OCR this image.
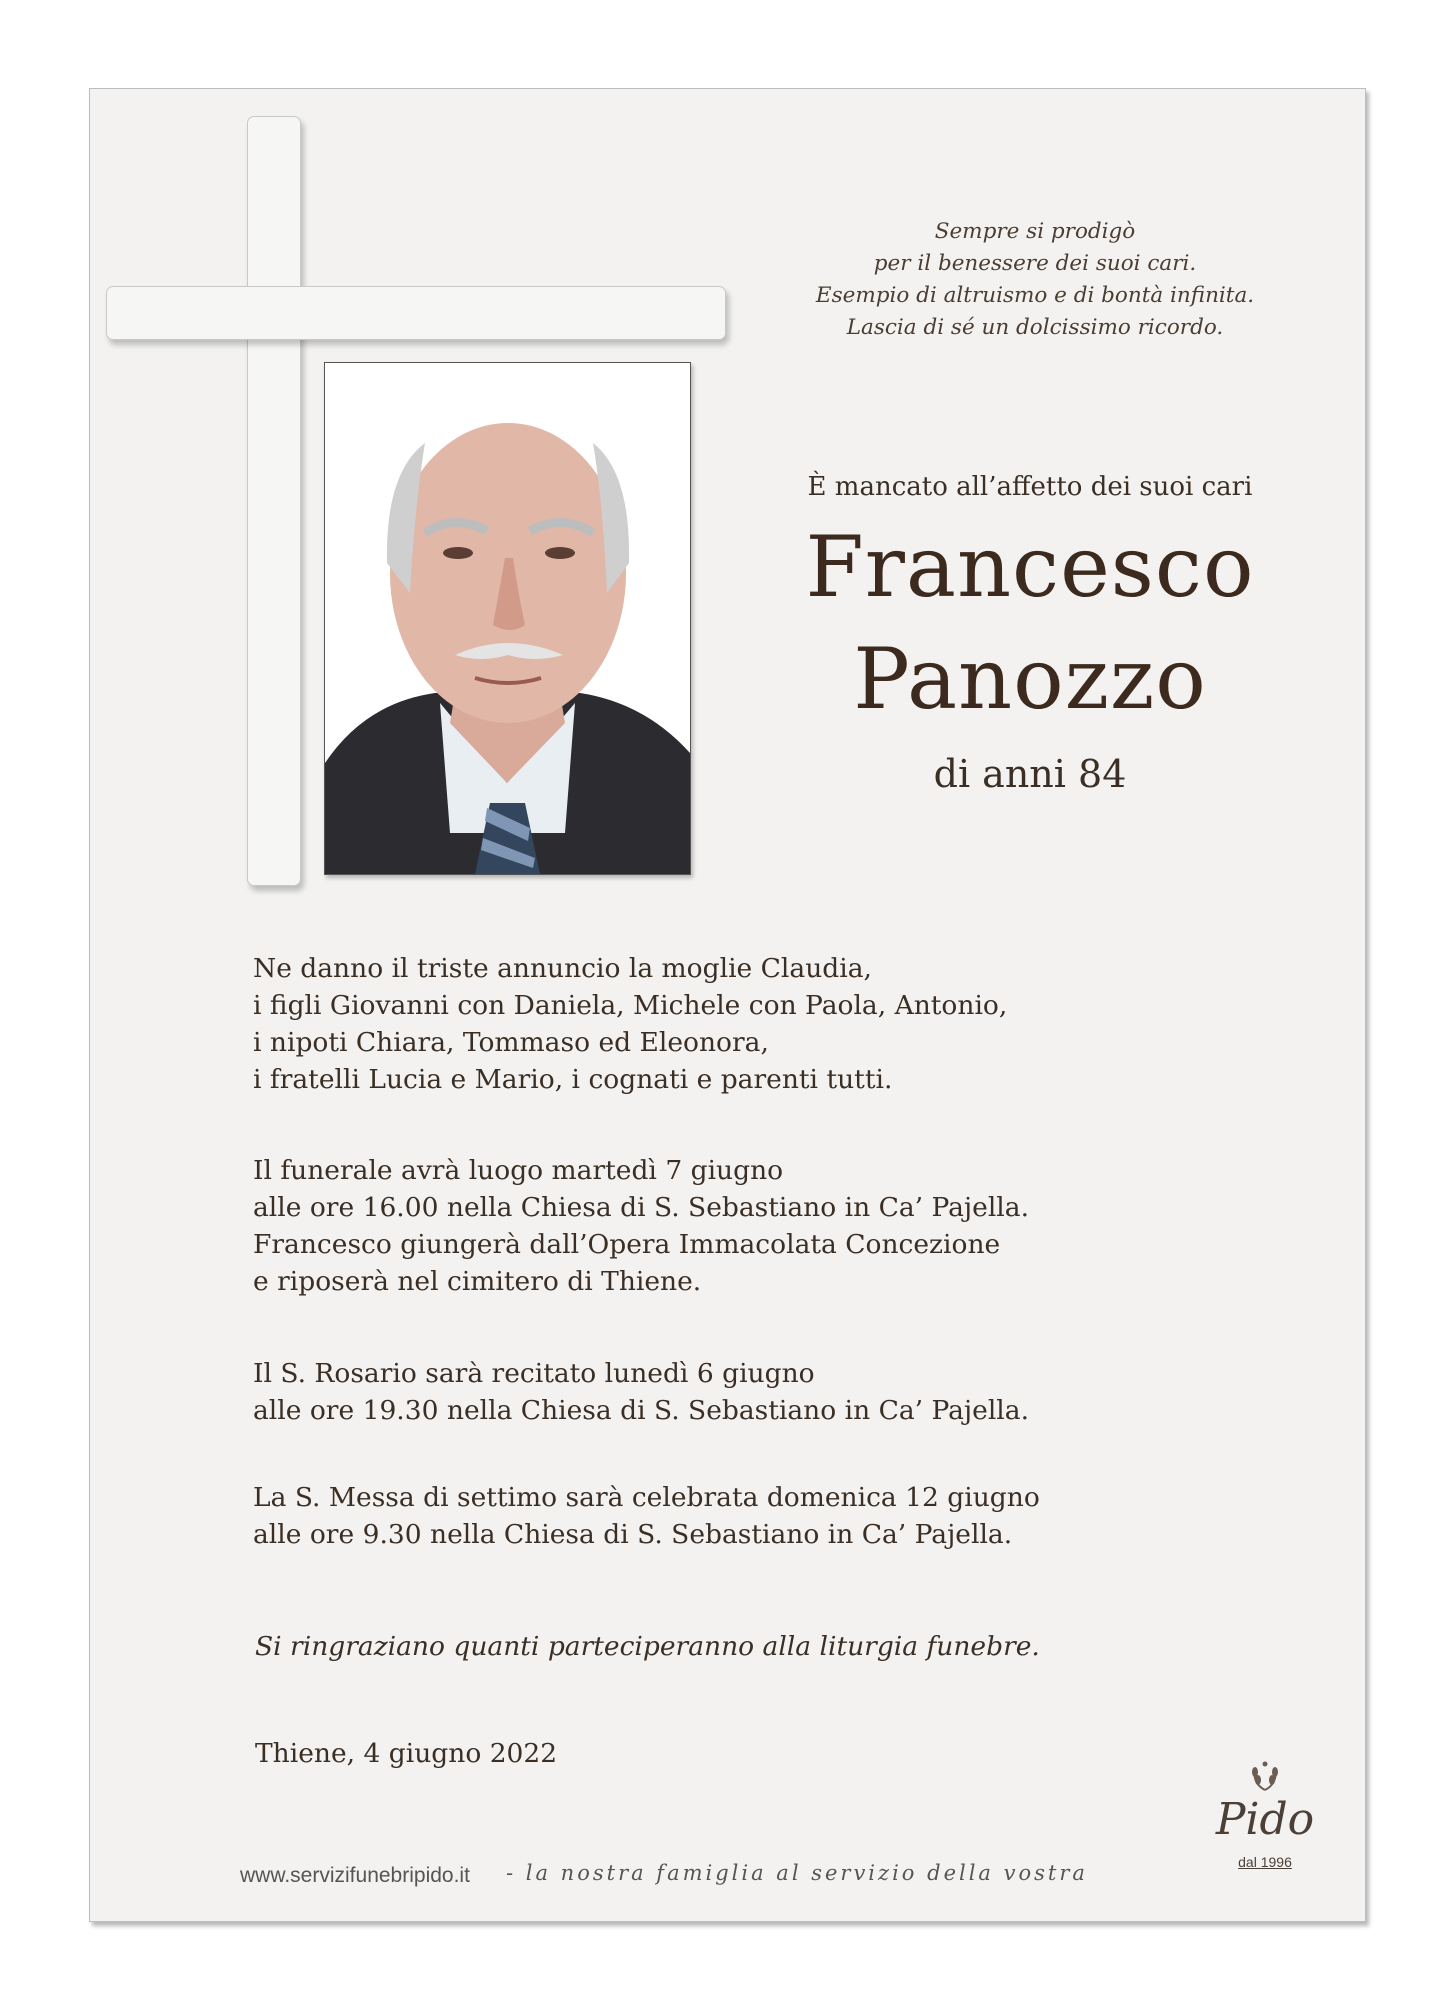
Sempre si prodigò
per il benessere dei suoi cari.
Esempio di altruismo e di bontà infinita.
Lascia di sé un dolcissimo ricordo.
È mancato all’affetto dei suoi cari
Francesco
Panozzo
di anni 84
Ne danno il triste annuncio la moglie Claudia,
i figli Giovanni con Daniela, Michele con Paola, Antonio,
i nipoti Chiara, Tommaso ed Eleonora,
i fratelli Lucia e Mario, i cognati e parenti tutti.
Il funerale avrà luogo martedì 7 giugno
alle ore 16.00 nella Chiesa di S. Sebastiano in Ca’ Pajella.
Francesco giungerà dall’Opera Immacolata Concezione
e riposerà nel cimitero di Thiene.
Il S. Rosario sarà recitato lunedì 6 giugno
alle ore 19.30 nella Chiesa di S. Sebastiano in Ca’ Pajella.
La S. Messa di settimo sarà celebrata domenica 12 giugno
alle ore 9.30 nella Chiesa di S. Sebastiano in Ca’ Pajella.
Si ringraziano quanti parteciperanno alla liturgia funebre.
Thiene, 4 giugno 2022
www.servizifunebripido.it - la nostra famiglia al servizio della vostra
Pido
dal 1996
